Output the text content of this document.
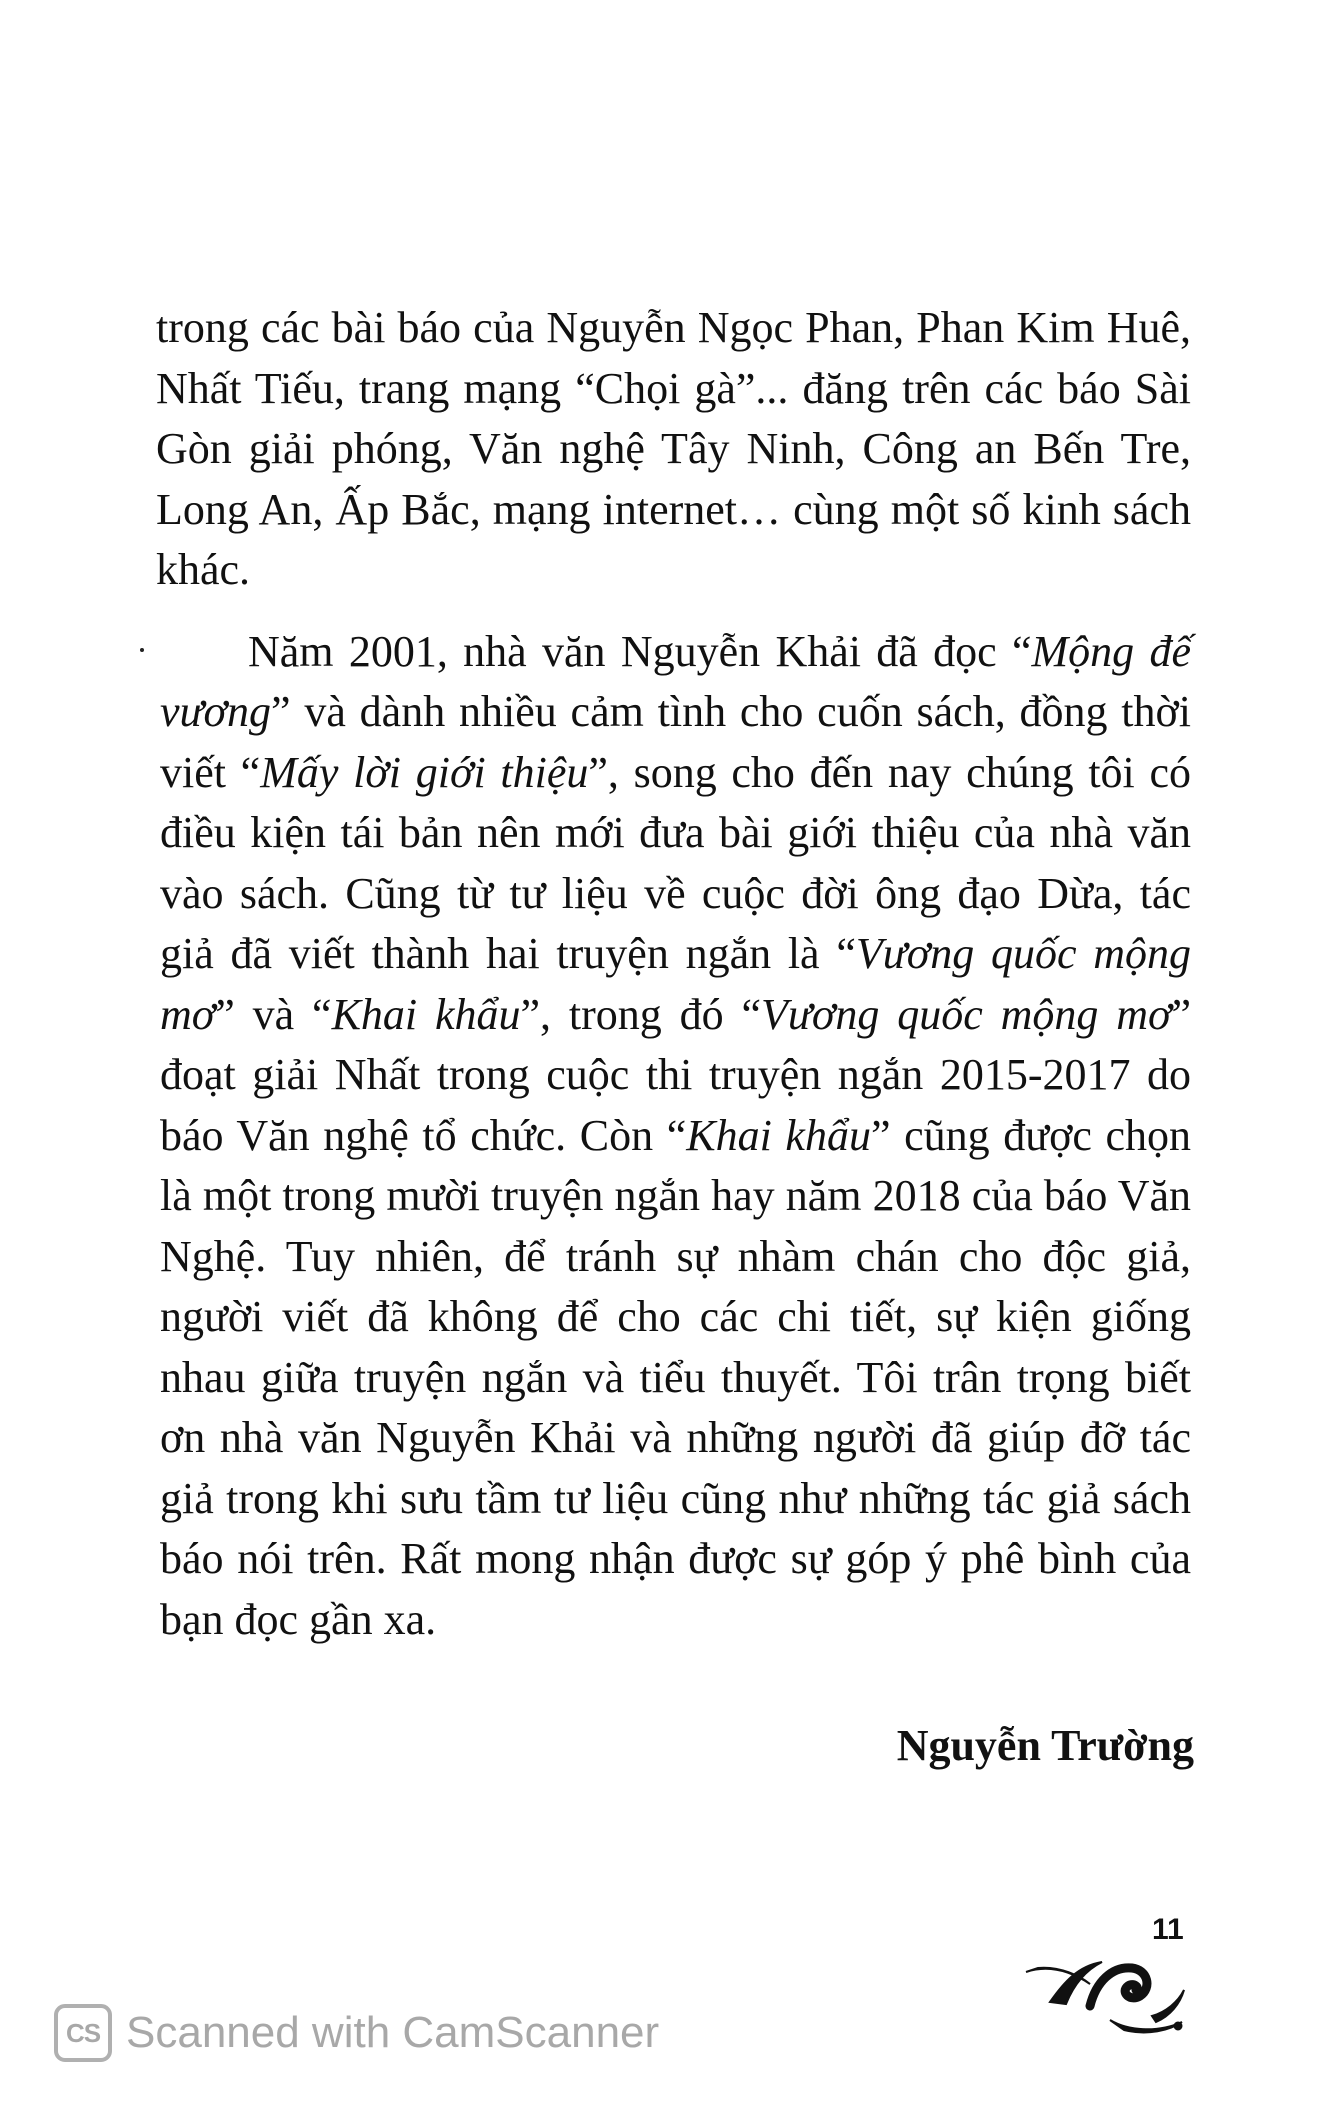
trong các bài báo của Nguyễn Ngọc Phan, Phan Kim Huê, Nhất Tiếu, trang mạng “Chọi gà”... đăng trên các báo Sài Gòn giải phóng, Văn nghệ Tây Ninh, Công an Bến Tre, Long An, Ấp Bắc, mạng internet… cùng một số kinh sách khác.

Năm 2001, nhà văn Nguyễn Khải đã đọc “Mộng đế vương” và dành nhiều cảm tình cho cuốn sách, đồng thời viết “Mấy lời giới thiệu”, song cho đến nay chúng tôi có điều kiện tái bản nên mới đưa bài giới thiệu của nhà văn vào sách. Cũng từ tư liệu về cuộc đời ông đạo Dừa, tác giả đã viết thành hai truyện ngắn là “Vương quốc mộng mơ” và “Khai khẩu”, trong đó “Vương quốc mộng mơ” đoạt giải Nhất trong cuộc thi truyện ngắn 2015-2017 do báo Văn nghệ tổ chức. Còn “Khai khẩu” cũng được chọn là một trong mười truyện ngắn hay năm 2018 của báo Văn Nghệ. Tuy nhiên, để tránh sự nhàm chán cho độc giả, người viết đã không để cho các chi tiết, sự kiện giống nhau giữa truyện ngắn và tiểu thuyết. Tôi trân trọng biết ơn nhà văn Nguyễn Khải và những người đã giúp đỡ tác giả trong khi sưu tầm tư liệu cũng như những tác giả sách báo nói trên. Rất mong nhận được sự góp ý phê bình của bạn đọc gần xa.

Nguyễn Trường
11
CS Scanned with CamScanner
